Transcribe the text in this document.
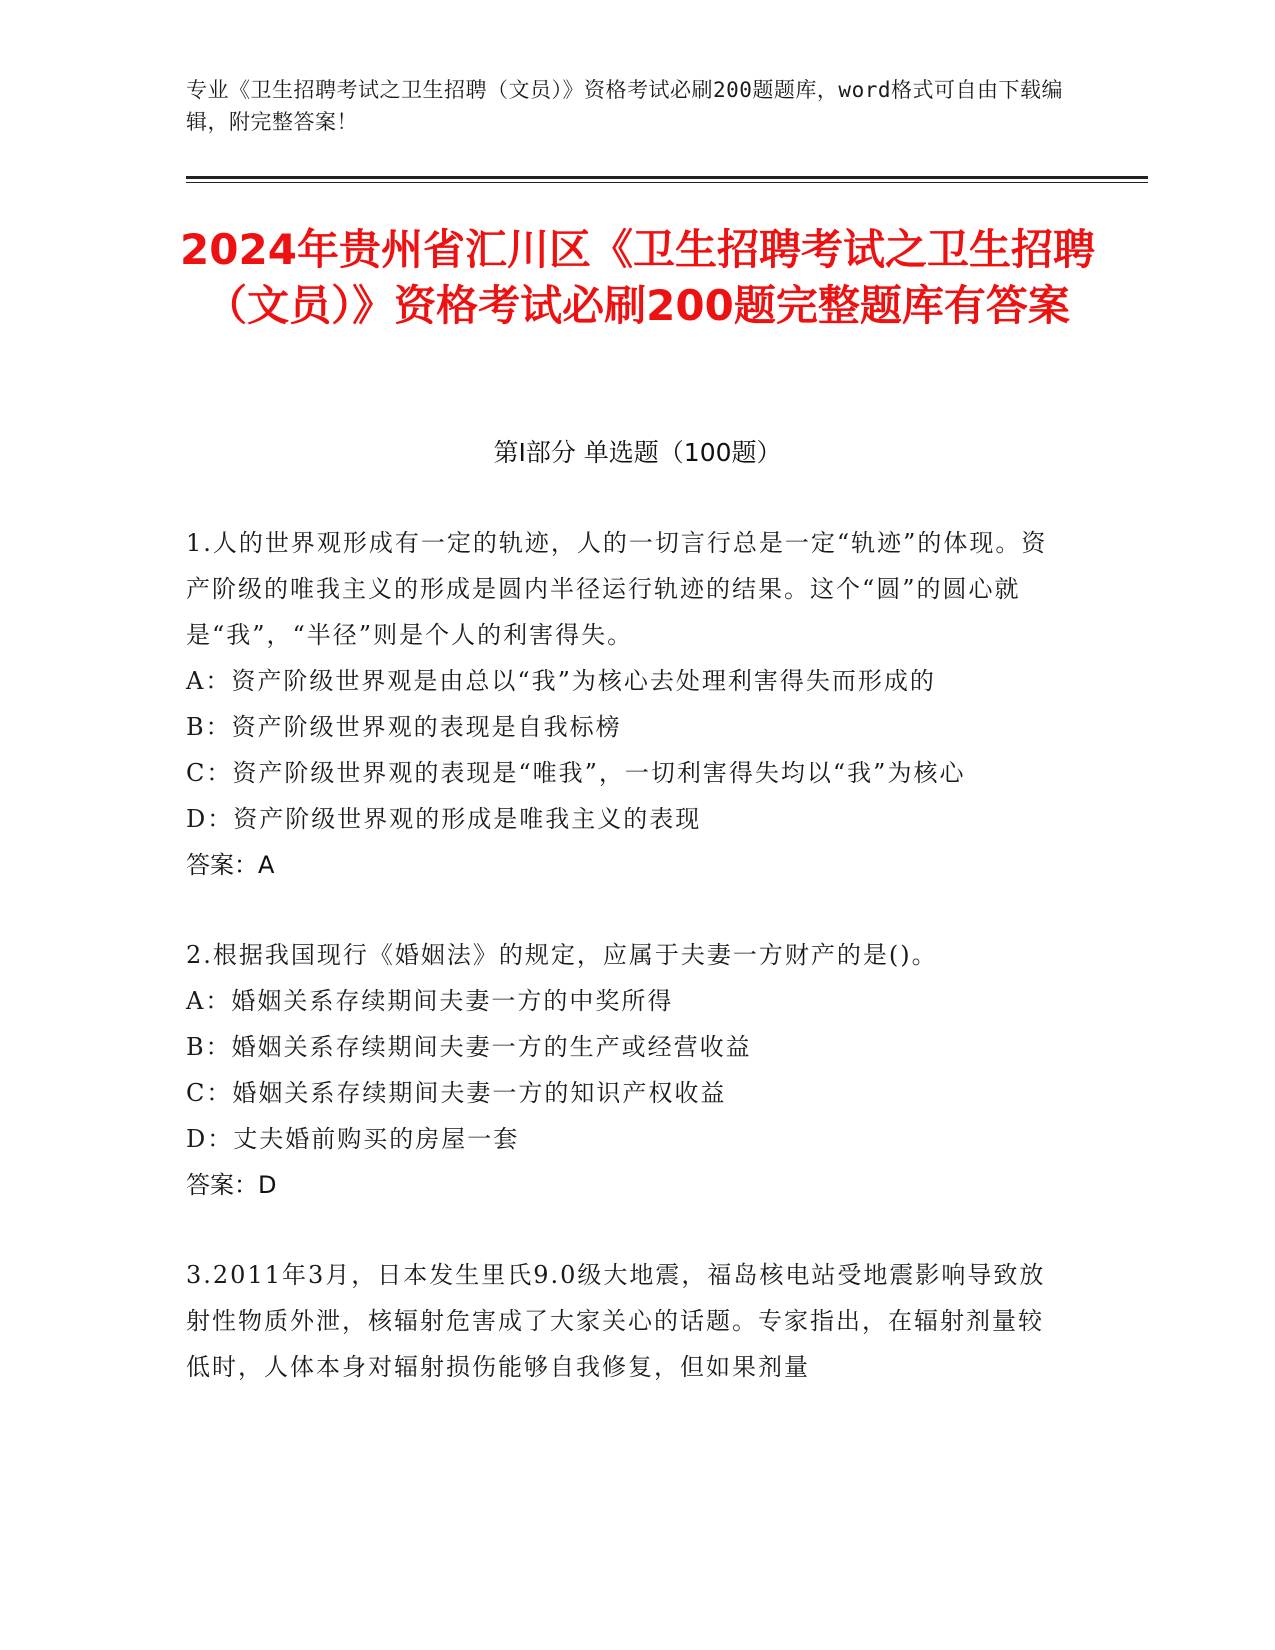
专业《卫生招聘考试之卫生招聘（文员）》资格考试必刷200题题库，word格式可自由下载编辑，附完整答案！
2024年贵州省汇川区《卫生招聘考试之卫生招聘（文员）》资格考试必刷200题完整题库有答案
第Ⅰ部分 单选题（100题）

1.人的世界观形成有一定的轨迹，人的一切言行总是一定“轨迹”的体现。资产阶级的唯我主义的形成是圆内半径运行轨迹的结果。这个“圆”的圆心就是“我”，“半径”则是个人的利害得失。

A：资产阶级世界观是由总以“我”为核心去处理利害得失而形成的

B：资产阶级世界观的表现是自我标榜

C：资产阶级世界观的表现是“唯我”，一切利害得失均以“我”为核心

D：资产阶级世界观的形成是唯我主义的表现

答案：A

2.根据我国现行《婚姻法》的规定，应属于夫妻一方财产的是()。

A：婚姻关系存续期间夫妻一方的中奖所得

B：婚姻关系存续期间夫妻一方的生产或经营收益

C：婚姻关系存续期间夫妻一方的知识产权收益

D：丈夫婚前购买的房屋一套

答案：D

3.2011年3月，日本发生里氏9.0级大地震，福岛核电站受地震影响导致放射性物质外泄，核辐射危害成了大家关心的话题。专家指出，在辐射剂量较低时，人体本身对辐射损伤能够自我修复，但如果剂量
